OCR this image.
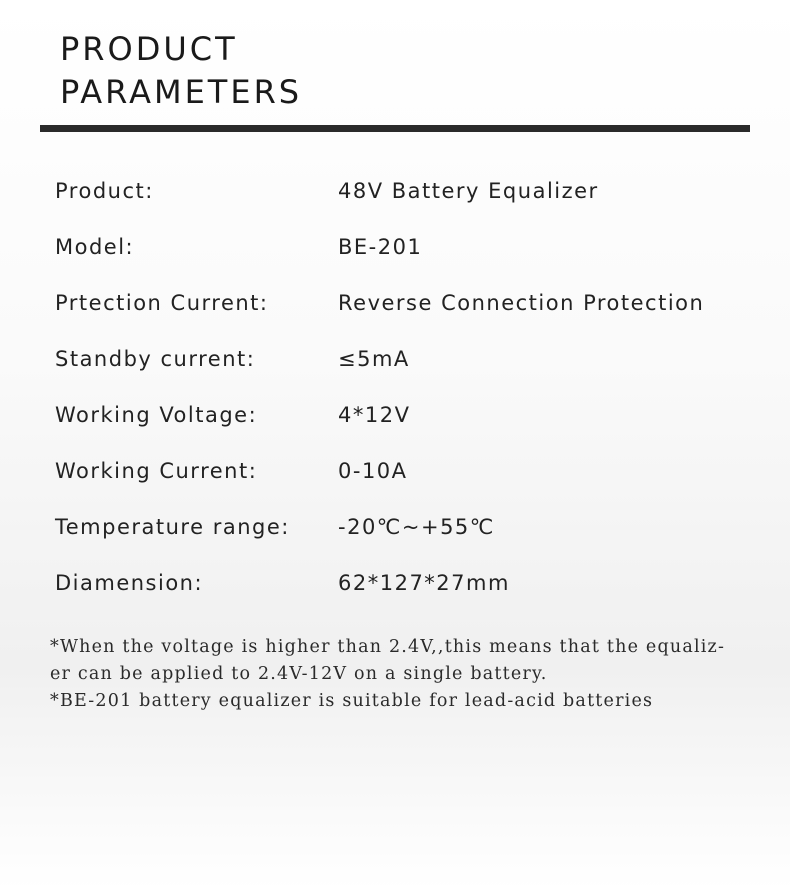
PRODUCT
PARAMETERS
Product:	48V Battery Equalizer
Model:	BE-201
Prtection Current:	Reverse Connection Protection
Standby current:	≤5mA
Working Voltage:	4*12V
Working Current:	0-10A
Temperature range:	-20℃~+55℃
Diamension:	62*127*27mm
*When the voltage is higher than 2.4V,,this means that the equaliz-
er can be applied to 2.4V-12V on a single battery.
*BE-201 battery equalizer is suitable for lead-acid batteries
